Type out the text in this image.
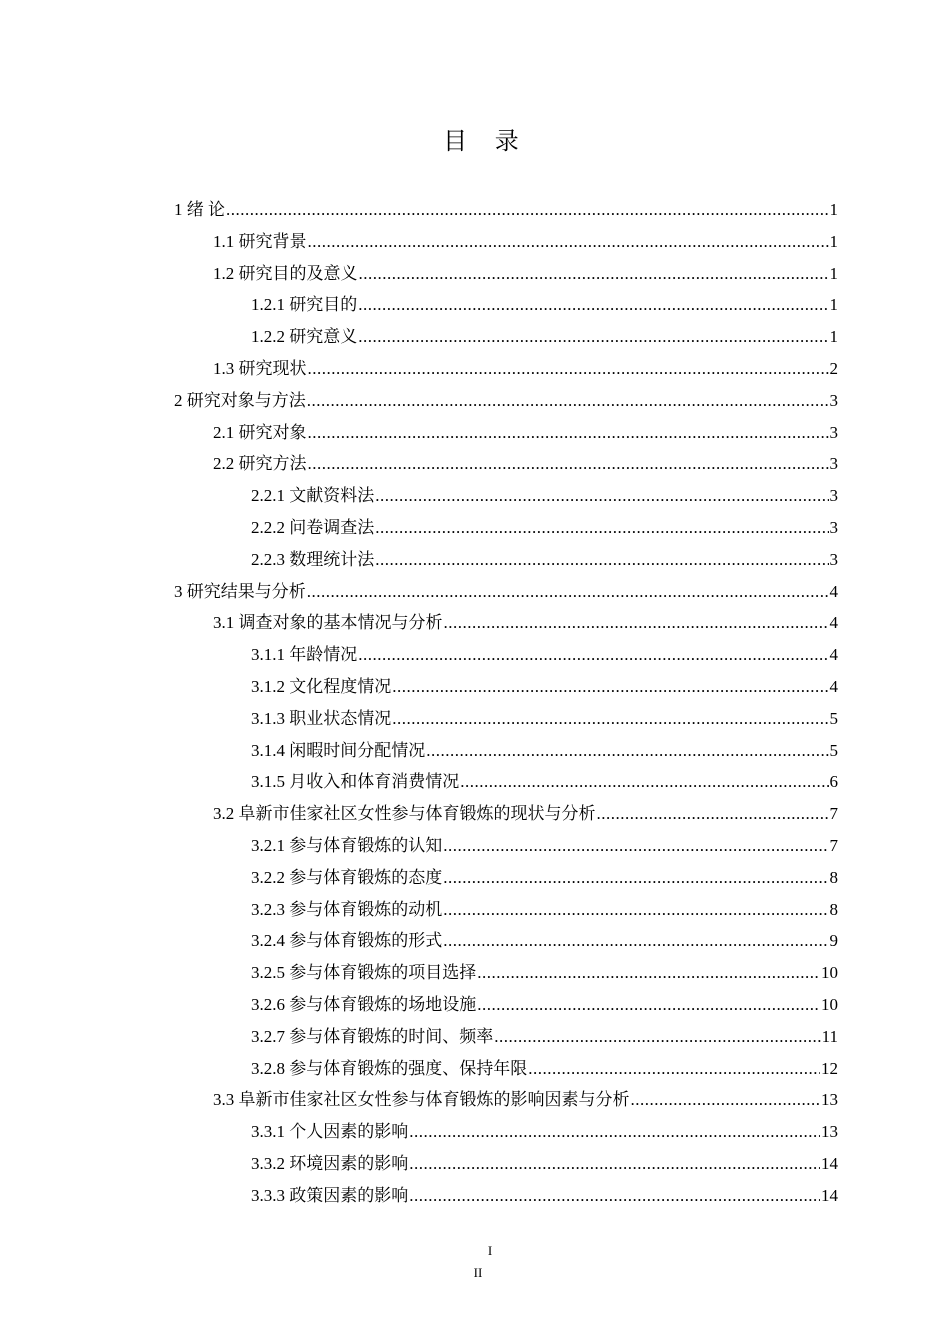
目 录
1 绪 论 .....	1
1.1 研究背景 .....	1
1.2 研究目的及意义 .....	1
1.2.1 研究目的 .....	1
1.2.2 研究意义 .....	1
1.3 研究现状 .....	2
2 研究对象与方法 .....	3
2.1 研究对象 .....	3
2.2 研究方法 .....	3
2.2.1 文献资料法 .....	3
2.2.2 问卷调查法 .....	3
2.2.3 数理统计法 .....	3
3 研究结果与分析 .....	4
3.1 调查对象的基本情况与分析 .....	4
3.1.1 年龄情况 .....	4
3.1.2 文化程度情况 .....	4
3.1.3 职业状态情况 .....	5
3.1.4 闲暇时间分配情况 .....	5
3.1.5 月收入和体育消费情况 .....	6
3.2 阜新市佳家社区女性参与体育锻炼的现状与分析 .....	7
3.2.1 参与体育锻炼的认知 .....	7
3.2.2 参与体育锻炼的态度 .....	8
3.2.3 参与体育锻炼的动机 .....	8
3.2.4 参与体育锻炼的形式 .....	9
3.2.5 参与体育锻炼的项目选择 .....	10
3.2.6 参与体育锻炼的场地设施 .....	10
3.2.7 参与体育锻炼的时间、频率 .....	11
3.2.8 参与体育锻炼的强度、保持年限 .....	12
3.3 阜新市佳家社区女性参与体育锻炼的影响因素与分析 .....	13
3.3.1 个人因素的影响 .....	13
3.3.2 环境因素的影响 .....	14
3.3.3 政策因素的影响 .....	14
I
II
